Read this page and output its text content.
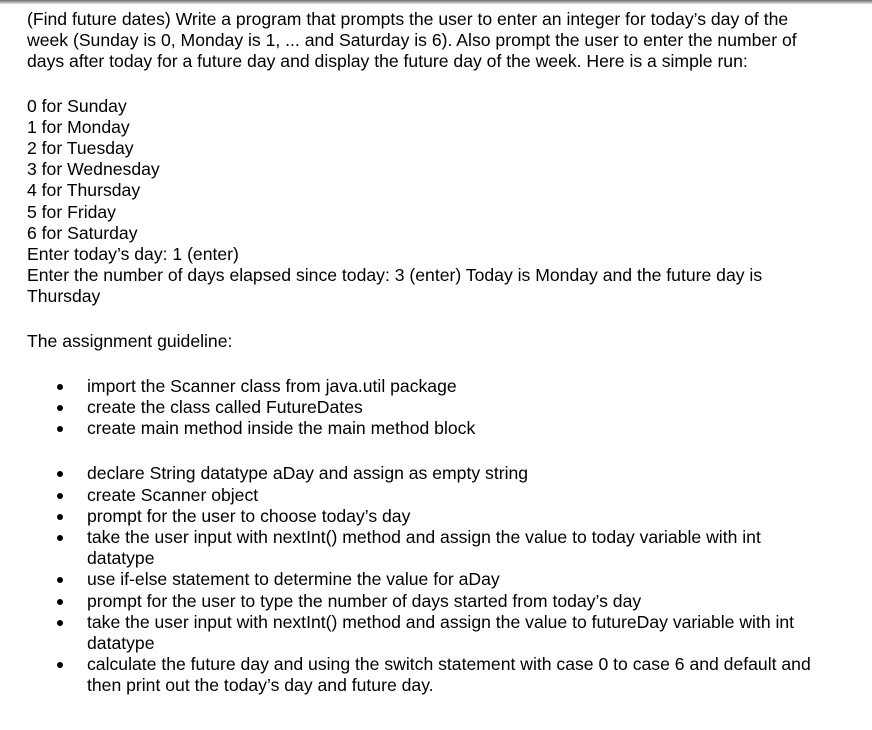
(Find future dates) Write a program that prompts the user to enter an integer for today’s day of the week (Sunday is 0, Monday is 1, ... and Saturday is 6). Also prompt the user to enter the number of days after today for a future day and display the future day of the week. Here is a simple run:

0 for Sunday
1 for Monday
2 for Tuesday
3 for Wednesday
4 for Thursday
5 for Friday
6 for Saturday
Enter today’s day: 1 (enter)
Enter the number of days elapsed since today: 3 (enter) Today is Monday and the future day is Thursday

The assignment guideline:

import the Scanner class from java.util package
create the class called FutureDates
create main method inside the main method block
declare String datatype aDay and assign as empty string
create Scanner object
prompt for the user to choose today’s day
take the user input with nextInt() method and assign the value to today variable with int datatype
use if-else statement to determine the value for aDay
prompt for the user to type the number of days started from today’s day
take the user input with nextInt() method and assign the value to futureDay variable with int datatype
calculate the future day and using the switch statement with case 0 to case 6 and default and then print out the today’s day and future day.
